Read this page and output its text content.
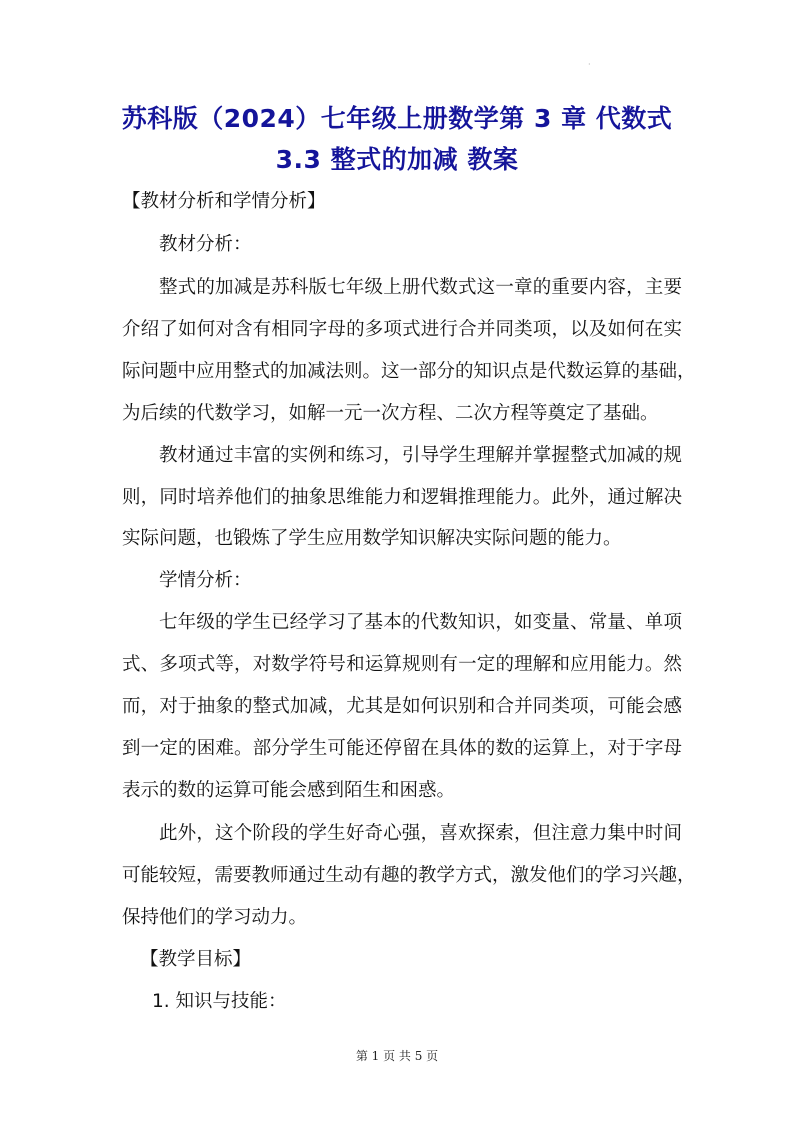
·
苏科版（2024）七年级上册数学第 3 章 代数式
3.3 整式的加减 教案
【教材分析和学情分析】
教材分析：
整式的加减是苏科版七年级上册代数式这一章的重要内容，主要
介绍了如何对含有相同字母的多项式进行合并同类项，以及如何在实
际问题中应用整式的加减法则。这一部分的知识点是代数运算的基础，
为后续的代数学习，如解一元一次方程、二次方程等奠定了基础。
教材通过丰富的实例和练习，引导学生理解并掌握整式加减的规
则，同时培养他们的抽象思维能力和逻辑推理能力。此外，通过解决
实际问题，也锻炼了学生应用数学知识解决实际问题的能力。
学情分析：
七年级的学生已经学习了基本的代数知识，如变量、常量、单项
式、多项式等，对数学符号和运算规则有一定的理解和应用能力。然
而，对于抽象的整式加减，尤其是如何识别和合并同类项，可能会感
到一定的困难。部分学生可能还停留在具体的数的运算上，对于字母
表示的数的运算可能会感到陌生和困惑。
此外，这个阶段的学生好奇心强，喜欢探索，但注意力集中时间
可能较短，需要教师通过生动有趣的教学方式，激发他们的学习兴趣，
保持他们的学习动力。
【教学目标】
1. 知识与技能：
第 1 页 共 5 页
